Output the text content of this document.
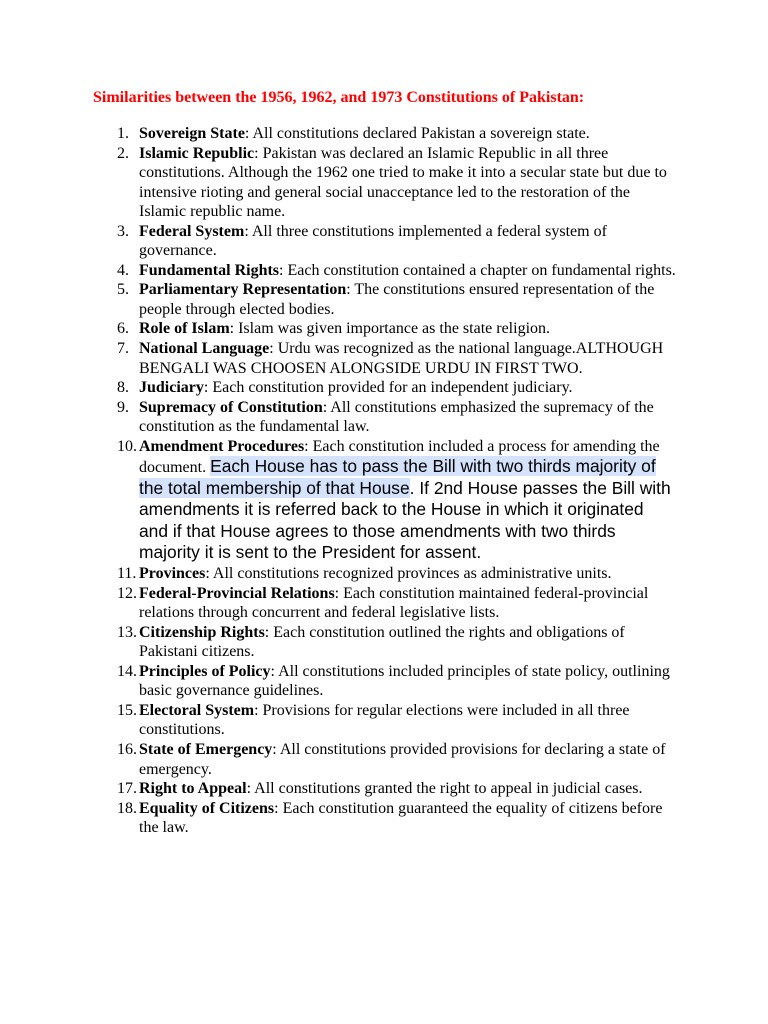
Similarities between the 1956, 1962, and 1973 Constitutions of Pakistan:
1. Sovereign State: All constitutions declared Pakistan a sovereign state.
2. Islamic Republic: Pakistan was declared an Islamic Republic in all three constitutions. Although the 1962 one tried to make it into a secular state but due to intensive rioting and general social unacceptance led to the restoration of the Islamic republic name.
3. Federal System: All three constitutions implemented a federal system of governance.
4. Fundamental Rights: Each constitution contained a chapter on fundamental rights.
5. Parliamentary Representation: The constitutions ensured representation of the people through elected bodies.
6. Role of Islam: Islam was given importance as the state religion.
7. National Language: Urdu was recognized as the national language.ALTHOUGH BENGALI WAS CHOOSEN ALONGSIDE URDU IN FIRST TWO.
8. Judiciary: Each constitution provided for an independent judiciary.
9. Supremacy of Constitution: All constitutions emphasized the supremacy of the constitution as the fundamental law.
10. Amendment Procedures: Each constitution included a process for amending the document. Each House has to pass the Bill with two thirds majority of the total membership of that House. If 2nd House passes the Bill with amendments it is referred back to the House in which it originated and if that House agrees to those amendments with two thirds majority it is sent to the President for assent.
11. Provinces: All constitutions recognized provinces as administrative units.
12. Federal-Provincial Relations: Each constitution maintained federal-provincial relations through concurrent and federal legislative lists.
13. Citizenship Rights: Each constitution outlined the rights and obligations of Pakistani citizens.
14. Principles of Policy: All constitutions included principles of state policy, outlining basic governance guidelines.
15. Electoral System: Provisions for regular elections were included in all three constitutions.
16. State of Emergency: All constitutions provided provisions for declaring a state of emergency.
17. Right to Appeal: All constitutions granted the right to appeal in judicial cases.
18. Equality of Citizens: Each constitution guaranteed the equality of citizens before the law.
